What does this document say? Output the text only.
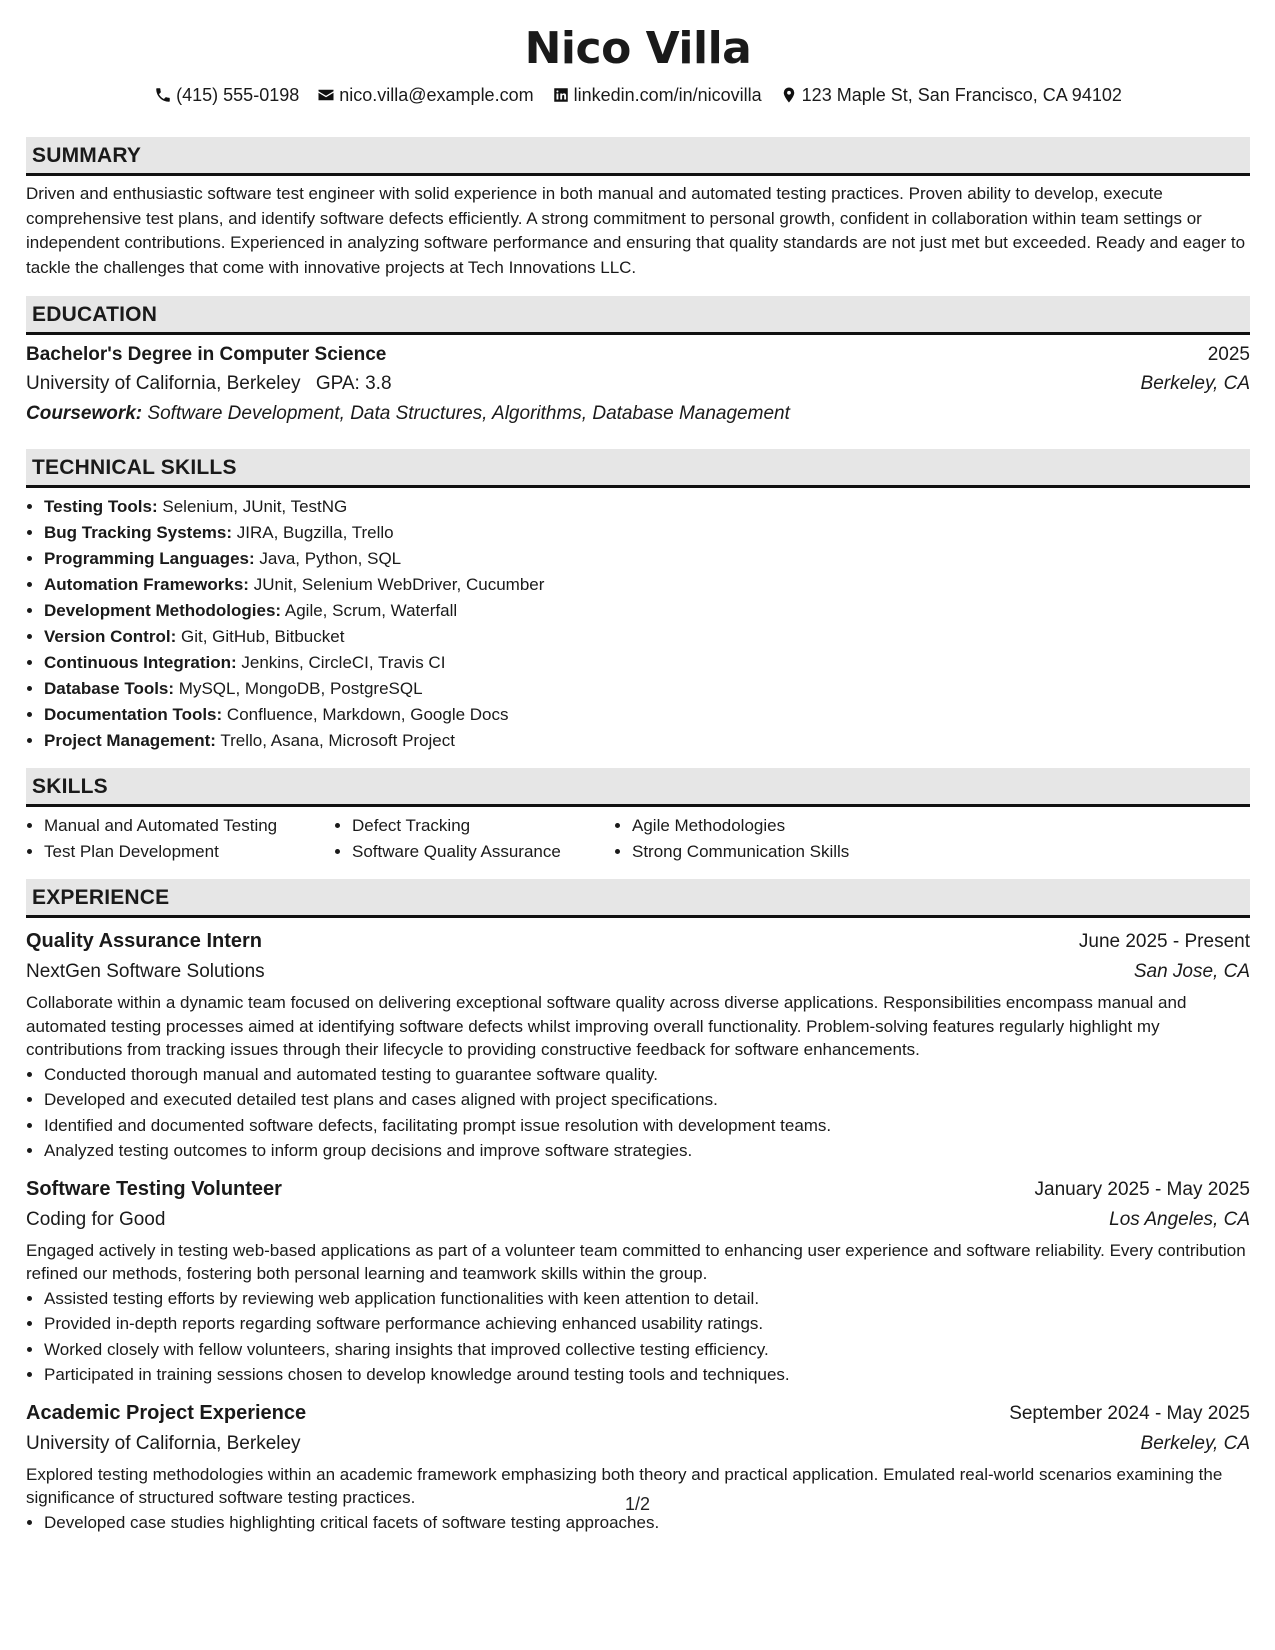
Nico Villa
(415) 555-0198 nico.villa@example.com linkedin.com/in/nicovilla 123 Maple St, San Francisco, CA 94102
SUMMARY
Driven and enthusiastic software test engineer with solid experience in both manual and automated testing practices. Proven ability to develop, execute comprehensive test plans, and identify software defects efficiently. A strong commitment to personal growth, confident in collaboration within team settings or independent contributions. Experienced in analyzing software performance and ensuring that quality standards are not just met but exceeded. Ready and eager to tackle the challenges that come with innovative projects at Tech Innovations LLC.
EDUCATION
Bachelor's Degree in Computer Science	2025
University of California, Berkeley GPA: 3.8	Berkeley, CA
Coursework: Software Development, Data Structures, Algorithms, Database Management
TECHNICAL SKILLS
• Testing Tools: Selenium, JUnit, TestNG
• Bug Tracking Systems: JIRA, Bugzilla, Trello
• Programming Languages: Java, Python, SQL
• Automation Frameworks: JUnit, Selenium WebDriver, Cucumber
• Development Methodologies: Agile, Scrum, Waterfall
• Version Control: Git, GitHub, Bitbucket
• Continuous Integration: Jenkins, CircleCI, Travis CI
• Database Tools: MySQL, MongoDB, PostgreSQL
• Documentation Tools: Confluence, Markdown, Google Docs
• Project Management: Trello, Asana, Microsoft Project
SKILLS
• Manual and Automated Testing
• Test Plan Development
• Defect Tracking
• Software Quality Assurance
• Agile Methodologies
• Strong Communication Skills
EXPERIENCE
Quality Assurance Intern	June 2025 - Present
NextGen Software Solutions	San Jose, CA
Collaborate within a dynamic team focused on delivering exceptional software quality across diverse applications. Responsibilities encompass manual and automated testing processes aimed at identifying software defects whilst improving overall functionality. Problem-solving features regularly highlight my contributions from tracking issues through their lifecycle to providing constructive feedback for software enhancements.
• Conducted thorough manual and automated testing to guarantee software quality.
• Developed and executed detailed test plans and cases aligned with project specifications.
• Identified and documented software defects, facilitating prompt issue resolution with development teams.
• Analyzed testing outcomes to inform group decisions and improve software strategies.
Software Testing Volunteer	January 2025 - May 2025
Coding for Good	Los Angeles, CA
Engaged actively in testing web-based applications as part of a volunteer team committed to enhancing user experience and software reliability. Every contribution refined our methods, fostering both personal learning and teamwork skills within the group.
• Assisted testing efforts by reviewing web application functionalities with keen attention to detail.
• Provided in-depth reports regarding software performance achieving enhanced usability ratings.
• Worked closely with fellow volunteers, sharing insights that improved collective testing efficiency.
• Participated in training sessions chosen to develop knowledge around testing tools and techniques.
Academic Project Experience	September 2024 - May 2025
University of California, Berkeley	Berkeley, CA
Explored testing methodologies within an academic framework emphasizing both theory and practical application. Emulated real-world scenarios examining the significance of structured software testing practices.
• Developed case studies highlighting critical facets of software testing approaches.
1/2
